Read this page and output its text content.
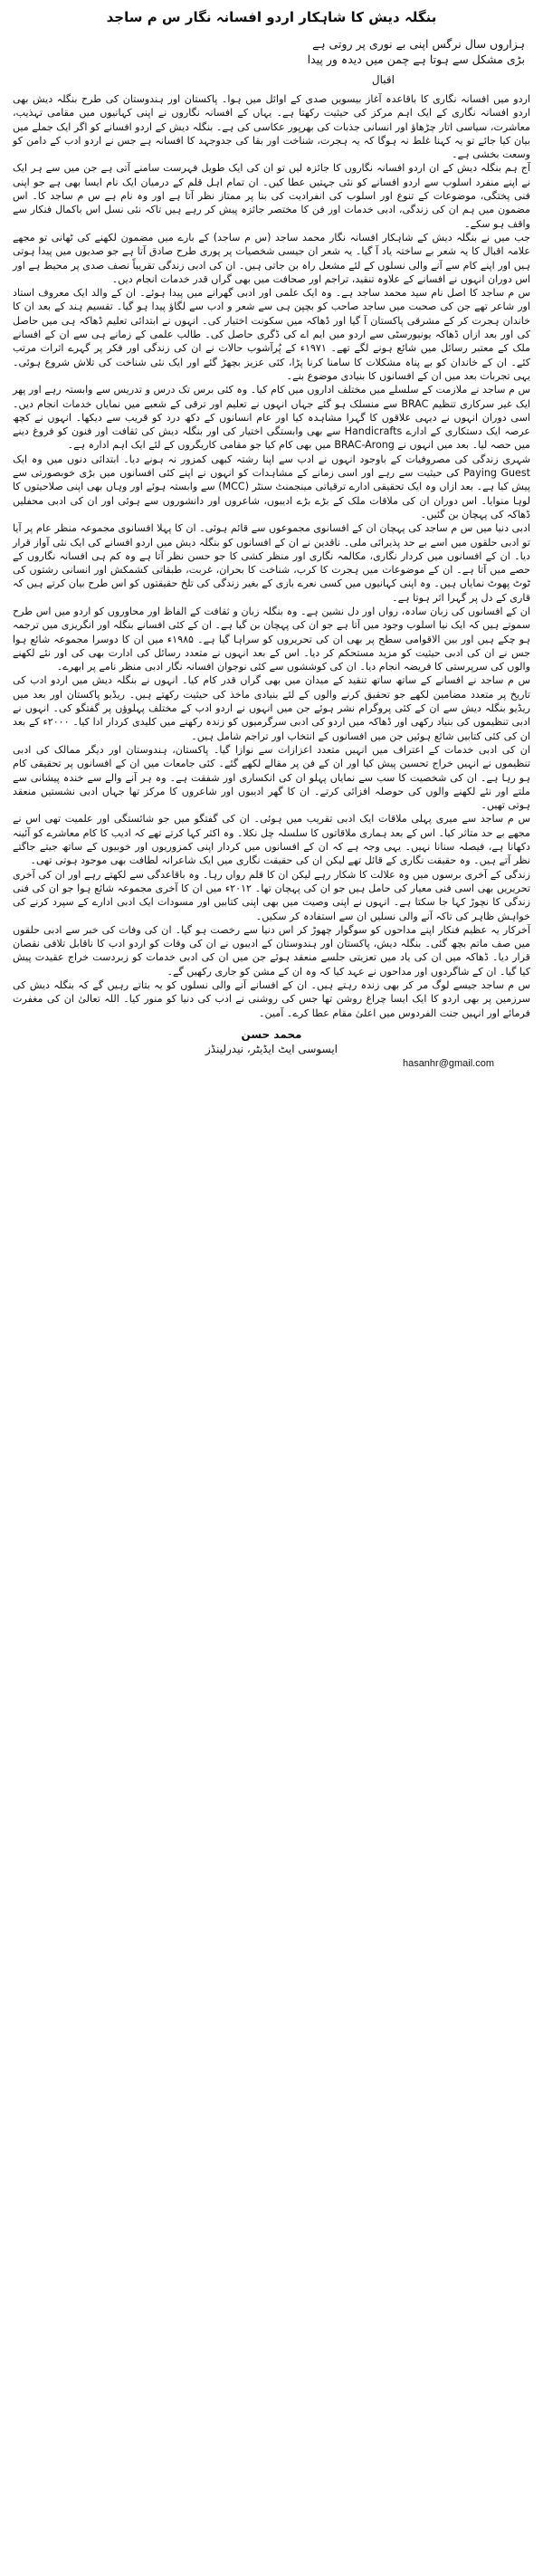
بنگلہ دیش کا شاہکار اردو افسانہ نگار س م ساجد
ہزاروں سال نرگس اپنی بے نوری پر روتی ہے
بڑی مشکل سے ہوتا ہے چمن میں دیدہ ور پیدا
اقبال

اردو میں افسانہ نگاری کا باقاعدہ آغاز بیسویں صدی کے اوائل میں ہوا۔ پاکستان اور ہندوستان کی طرح بنگلہ دیش بھی اردو افسانہ نگاری کے ایک اہم مرکز کی حیثیت رکھتا ہے۔ یہاں کے افسانہ نگاروں نے اپنی کہانیوں میں مقامی تہذیب، معاشرت، سیاسی اتار چڑھاؤ اور انسانی جذبات کی بھرپور عکاسی کی ہے۔ بنگلہ دیش کے اردو افسانے کو اگر ایک جملے میں بیان کیا جائے تو یہ کہنا غلط نہ ہوگا کہ یہ ہجرت، شناخت اور بقا کی جدوجہد کا افسانہ ہے جس نے اردو ادب کے دامن کو وسعت بخشی ہے۔

آج ہم بنگلہ دیش کے ان اردو افسانہ نگاروں کا جائزہ لیں تو ان کی ایک طویل فہرست سامنے آتی ہے جن میں سے ہر ایک نے اپنے منفرد اسلوب سے اردو افسانے کو نئی جہتیں عطا کیں۔ ان تمام اہل قلم کے درمیان ایک نام ایسا بھی ہے جو اپنی فنی پختگی، موضوعات کے تنوع اور اسلوب کی انفرادیت کی بنا پر ممتاز نظر آتا ہے اور وہ نام ہے س م ساجد کا۔ اس مضمون میں ہم ان کی زندگی، ادبی خدمات اور فن کا مختصر جائزہ پیش کر رہے ہیں تاکہ نئی نسل اس باکمال فنکار سے واقف ہو سکے۔

جب میں نے بنگلہ دیش کے شاہکار افسانہ نگار محمد ساجد (س م ساجد) کے بارے میں مضمون لکھنے کی ٹھانی تو مجھے علامہ اقبال کا یہ شعر بے ساختہ یاد آ گیا۔ یہ شعر ان جیسی شخصیات پر پوری طرح صادق آتا ہے جو صدیوں میں پیدا ہوتی ہیں اور اپنے کام سے آنے والی نسلوں کے لئے مشعل راہ بن جاتی ہیں۔ ان کی ادبی زندگی تقریباً نصف صدی پر محیط ہے اور اس دوران انہوں نے افسانے کے علاوہ تنقید، تراجم اور صحافت میں بھی گراں قدر خدمات انجام دیں۔

س م ساجد کا اصل نام سید محمد ساجد ہے۔ وہ ایک علمی اور ادبی گھرانے میں پیدا ہوئے۔ ان کے والد ایک معروف استاد اور شاعر تھے جن کی صحبت میں ساجد صاحب کو بچپن ہی سے شعر و ادب سے لگاؤ پیدا ہو گیا۔ تقسیم ہند کے بعد ان کا خاندان ہجرت کر کے مشرقی پاکستان آ گیا اور ڈھاکہ میں سکونت اختیار کی۔ انہوں نے ابتدائی تعلیم ڈھاکہ ہی میں حاصل کی اور بعد ازاں ڈھاکہ یونیورسٹی سے اردو میں ایم اے کی ڈگری حاصل کی۔ طالب علمی کے زمانے ہی سے ان کے افسانے ملک کے معتبر رسائل میں شائع ہونے لگے تھے۔ ۱۹۷۱ء کے پُرآشوب حالات نے ان کی زندگی اور فکر پر گہرے اثرات مرتب کئے۔ ان کے خاندان کو بے پناہ مشکلات کا سامنا کرنا پڑا، کئی عزیز بچھڑ گئے اور ایک نئی شناخت کی تلاش شروع ہوئی۔ یہی تجربات بعد میں ان کے افسانوں کا بنیادی موضوع بنے۔

س م ساجد نے ملازمت کے سلسلے میں مختلف اداروں میں کام کیا۔ وہ کئی برس تک درس و تدریس سے وابستہ رہے اور پھر ایک غیر سرکاری تنظیم BRAC سے منسلک ہو گئے جہاں انہوں نے تعلیم اور ترقی کے شعبے میں نمایاں خدمات انجام دیں۔ اسی دوران انہوں نے دیہی علاقوں کا گہرا مشاہدہ کیا اور عام انسانوں کے دکھ درد کو قریب سے دیکھا۔ انہوں نے کچھ عرصہ ایک دستکاری کے ادارے Handicrafts سے بھی وابستگی اختیار کی اور بنگلہ دیش کی ثقافت اور فنون کو فروغ دینے میں حصہ لیا۔ بعد میں انہوں نے BRAC-Arong میں بھی کام کیا جو مقامی کاریگروں کے لئے ایک اہم ادارہ ہے۔

شہری زندگی کی مصروفیات کے باوجود انہوں نے ادب سے اپنا رشتہ کبھی کمزور نہ ہونے دیا۔ ابتدائی دنوں میں وہ ایک Paying Guest کی حیثیت سے رہے اور اسی زمانے کے مشاہدات کو انہوں نے اپنے کئی افسانوں میں بڑی خوبصورتی سے پیش کیا ہے۔ بعد ازاں وہ ایک تحقیقی ادارے ترقیاتی مینجمنٹ سنٹر (MCC) سے وابستہ ہوئے اور وہاں بھی اپنی صلاحیتوں کا لوہا منوایا۔ اس دوران ان کی ملاقات ملک کے بڑے بڑے ادیبوں، شاعروں اور دانشوروں سے ہوئی اور ان کی ادبی محفلیں ڈھاکہ کی پہچان بن گئیں۔

ادبی دنیا میں س م ساجد کی پہچان ان کے افسانوی مجموعوں سے قائم ہوئی۔ ان کا پہلا افسانوی مجموعہ منظر عام پر آیا تو ادبی حلقوں میں اسے بے حد پذیرائی ملی۔ ناقدین نے ان کے افسانوں کو بنگلہ دیش میں اردو افسانے کی ایک نئی آواز قرار دیا۔ ان کے افسانوں میں کردار نگاری، مکالمہ نگاری اور منظر کشی کا جو حسن نظر آتا ہے وہ کم ہی افسانہ نگاروں کے حصے میں آتا ہے۔ ان کے موضوعات میں ہجرت کا کرب، شناخت کا بحران، غربت، طبقاتی کشمکش اور انسانی رشتوں کی ٹوٹ پھوٹ نمایاں ہیں۔ وہ اپنی کہانیوں میں کسی نعرے بازی کے بغیر زندگی کی تلخ حقیقتوں کو اس طرح بیان کرتے ہیں کہ قاری کے دل پر گہرا اثر ہوتا ہے۔

ان کے افسانوں کی زبان سادہ، رواں اور دل نشین ہے۔ وہ بنگلہ زبان و ثقافت کے الفاظ اور محاوروں کو اردو میں اس طرح سموتے ہیں کہ ایک نیا اسلوب وجود میں آتا ہے جو ان کی پہچان بن گیا ہے۔ ان کے کئی افسانے بنگلہ اور انگریزی میں ترجمہ ہو چکے ہیں اور بین الاقوامی سطح پر بھی ان کی تحریروں کو سراہا گیا ہے۔ ۱۹۸۵ء میں ان کا دوسرا مجموعہ شائع ہوا جس نے ان کی ادبی حیثیت کو مزید مستحکم کر دیا۔ اس کے بعد انہوں نے متعدد رسائل کی ادارت بھی کی اور نئے لکھنے والوں کی سرپرستی کا فریضہ انجام دیا۔ ان کی کوششوں سے کئی نوجوان افسانہ نگار ادبی منظر نامے پر ابھرے۔

س م ساجد نے افسانے کے ساتھ ساتھ تنقید کے میدان میں بھی گراں قدر کام کیا۔ انہوں نے بنگلہ دیش میں اردو ادب کی تاریخ پر متعدد مضامین لکھے جو تحقیق کرنے والوں کے لئے بنیادی ماخذ کی حیثیت رکھتے ہیں۔ ریڈیو پاکستان اور بعد میں ریڈیو بنگلہ دیش سے ان کے کئی پروگرام نشر ہوئے جن میں انہوں نے اردو ادب کے مختلف پہلوؤں پر گفتگو کی۔ انہوں نے ادبی تنظیموں کی بنیاد رکھی اور ڈھاکہ میں اردو کی ادبی سرگرمیوں کو زندہ رکھنے میں کلیدی کردار ادا کیا۔ ۲۰۰۰ء کے بعد ان کی کئی کتابیں شائع ہوئیں جن میں افسانوں کے انتخاب اور تراجم شامل ہیں۔

ان کی ادبی خدمات کے اعتراف میں انہیں متعدد اعزازات سے نوازا گیا۔ پاکستان، ہندوستان اور دیگر ممالک کی ادبی تنظیموں نے انہیں خراج تحسین پیش کیا اور ان کے فن پر مقالے لکھے گئے۔ کئی جامعات میں ان کے افسانوں پر تحقیقی کام ہو رہا ہے۔ ان کی شخصیت کا سب سے نمایاں پہلو ان کی انکساری اور شفقت ہے۔ وہ ہر آنے والے سے خندہ پیشانی سے ملتے اور نئے لکھنے والوں کی حوصلہ افزائی کرتے۔ ان کا گھر ادیبوں اور شاعروں کا مرکز تھا جہاں ادبی نشستیں منعقد ہوتی تھیں۔

س م ساجد سے میری پہلی ملاقات ایک ادبی تقریب میں ہوئی۔ ان کی گفتگو میں جو شائستگی اور علمیت تھی اس نے مجھے بے حد متاثر کیا۔ اس کے بعد ہماری ملاقاتوں کا سلسلہ چل نکلا۔ وہ اکثر کہا کرتے تھے کہ ادیب کا کام معاشرے کو آئینہ دکھانا ہے، فیصلہ سنانا نہیں۔ یہی وجہ ہے کہ ان کے افسانوں میں کردار اپنی کمزوریوں اور خوبیوں کے ساتھ جیتے جاگتے نظر آتے ہیں۔ وہ حقیقت نگاری کے قائل تھے لیکن ان کی حقیقت نگاری میں ایک شاعرانہ لطافت بھی موجود ہوتی تھی۔

زندگی کے آخری برسوں میں وہ علالت کا شکار رہے لیکن ان کا قلم رواں رہا۔ وہ باقاعدگی سے لکھتے رہے اور ان کی آخری تحریریں بھی اسی فنی معیار کی حامل ہیں جو ان کی پہچان تھا۔ ۲۰۱۲ء میں ان کا آخری مجموعہ شائع ہوا جو ان کی فنی زندگی کا نچوڑ کہا جا سکتا ہے۔ انہوں نے اپنی وصیت میں بھی اپنی کتابیں اور مسودات ایک ادبی ادارے کے سپرد کرنے کی خواہش ظاہر کی تاکہ آنے والی نسلیں ان سے استفادہ کر سکیں۔

آخرکار یہ عظیم فنکار اپنے مداحوں کو سوگوار چھوڑ کر اس دنیا سے رخصت ہو گیا۔ ان کی وفات کی خبر سے ادبی حلقوں میں صف ماتم بچھ گئی۔ بنگلہ دیش، پاکستان اور ہندوستان کے ادیبوں نے ان کی وفات کو اردو ادب کا ناقابل تلافی نقصان قرار دیا۔ ڈھاکہ میں ان کی یاد میں تعزیتی جلسے منعقد ہوئے جن میں ان کی ادبی خدمات کو زبردست خراج عقیدت پیش کیا گیا۔ ان کے شاگردوں اور مداحوں نے عہد کیا کہ وہ ان کے مشن کو جاری رکھیں گے۔

س م ساجد جیسے لوگ مر کر بھی زندہ رہتے ہیں۔ ان کے افسانے آنے والی نسلوں کو یہ بتاتے رہیں گے کہ بنگلہ دیش کی سرزمین پر بھی اردو کا ایک ایسا چراغ روشن تھا جس کی روشنی نے ادب کی دنیا کو منور کیا۔ اللہ تعالیٰ ان کی مغفرت فرمائے اور انہیں جنت الفردوس میں اعلیٰ مقام عطا کرے۔ آمین۔

محمد حسن
ایسوسی ایٹ ایڈیٹر، نیدرلینڈز
hasanhr@gmail.com
